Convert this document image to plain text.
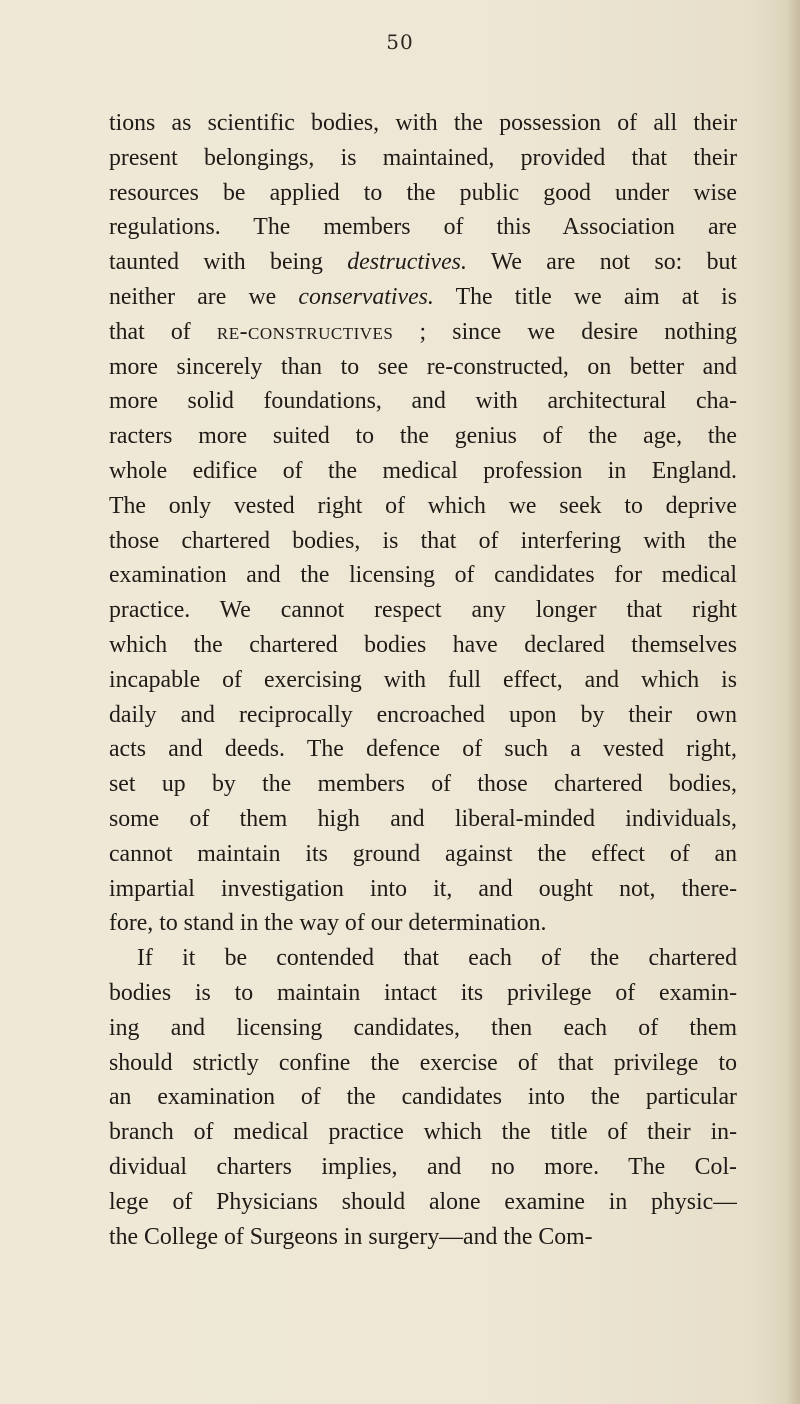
50
tions as scientific bodies, with the possession of all their
present belongings, is maintained, provided that their
resources be applied to the public good under wise
regulations. The members of this Association are
taunted with being destructives. We are not so: but
neither are we conservatives. The title we aim at is
that of re-constructives ; since we desire nothing
more sincerely than to see re-constructed, on better and
more solid foundations, and with architectural cha-
racters more suited to the genius of the age, the
whole edifice of the medical profession in England.
The only vested right of which we seek to deprive
those chartered bodies, is that of interfering with the
examination and the licensing of candidates for medical
practice. We cannot respect any longer that right
which the chartered bodies have declared themselves
incapable of exercising with full effect, and which is
daily and reciprocally encroached upon by their own
acts and deeds. The defence of such a vested right,
set up by the members of those chartered bodies,
some of them high and liberal-minded individuals,
cannot maintain its ground against the effect of an
impartial investigation into it, and ought not, there-
fore, to stand in the way of our determination.
If it be contended that each of the chartered
bodies is to maintain intact its privilege of examin-
ing and licensing candidates, then each of them
should strictly confine the exercise of that privilege to
an examination of the candidates into the particular
branch of medical practice which the title of their in-
dividual charters implies, and no more. The Col-
lege of Physicians should alone examine in physic—
the College of Surgeons in surgery—and the Com-
